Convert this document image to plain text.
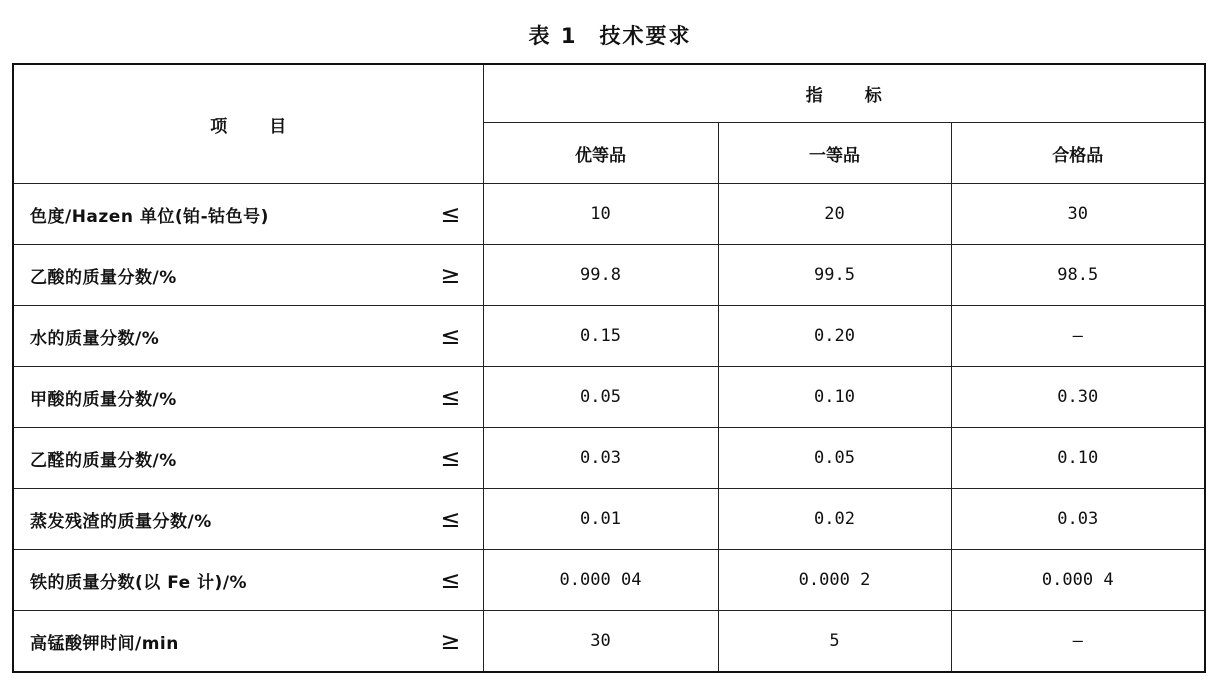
表 1 技术要求
项目	指标		
	优等品	一等品	合格品

色度/Hazen 单位(铂-钴色号) ≤	10	20	30

乙酸的质量分数/% ≥	99.8	99.5	98.5

水的质量分数/% ≤	0.15	0.20	—

甲酸的质量分数/% ≤	0.05	0.10	0.30

乙醛的质量分数/% ≤	0.03	0.05	0.10

蒸发残渣的质量分数/% ≤	0.01	0.02	0.03

铁的质量分数(以 Fe 计)/% ≤	0.000 04	0.000 2	0.000 4

高锰酸钾时间/min ≥	30	5	—
